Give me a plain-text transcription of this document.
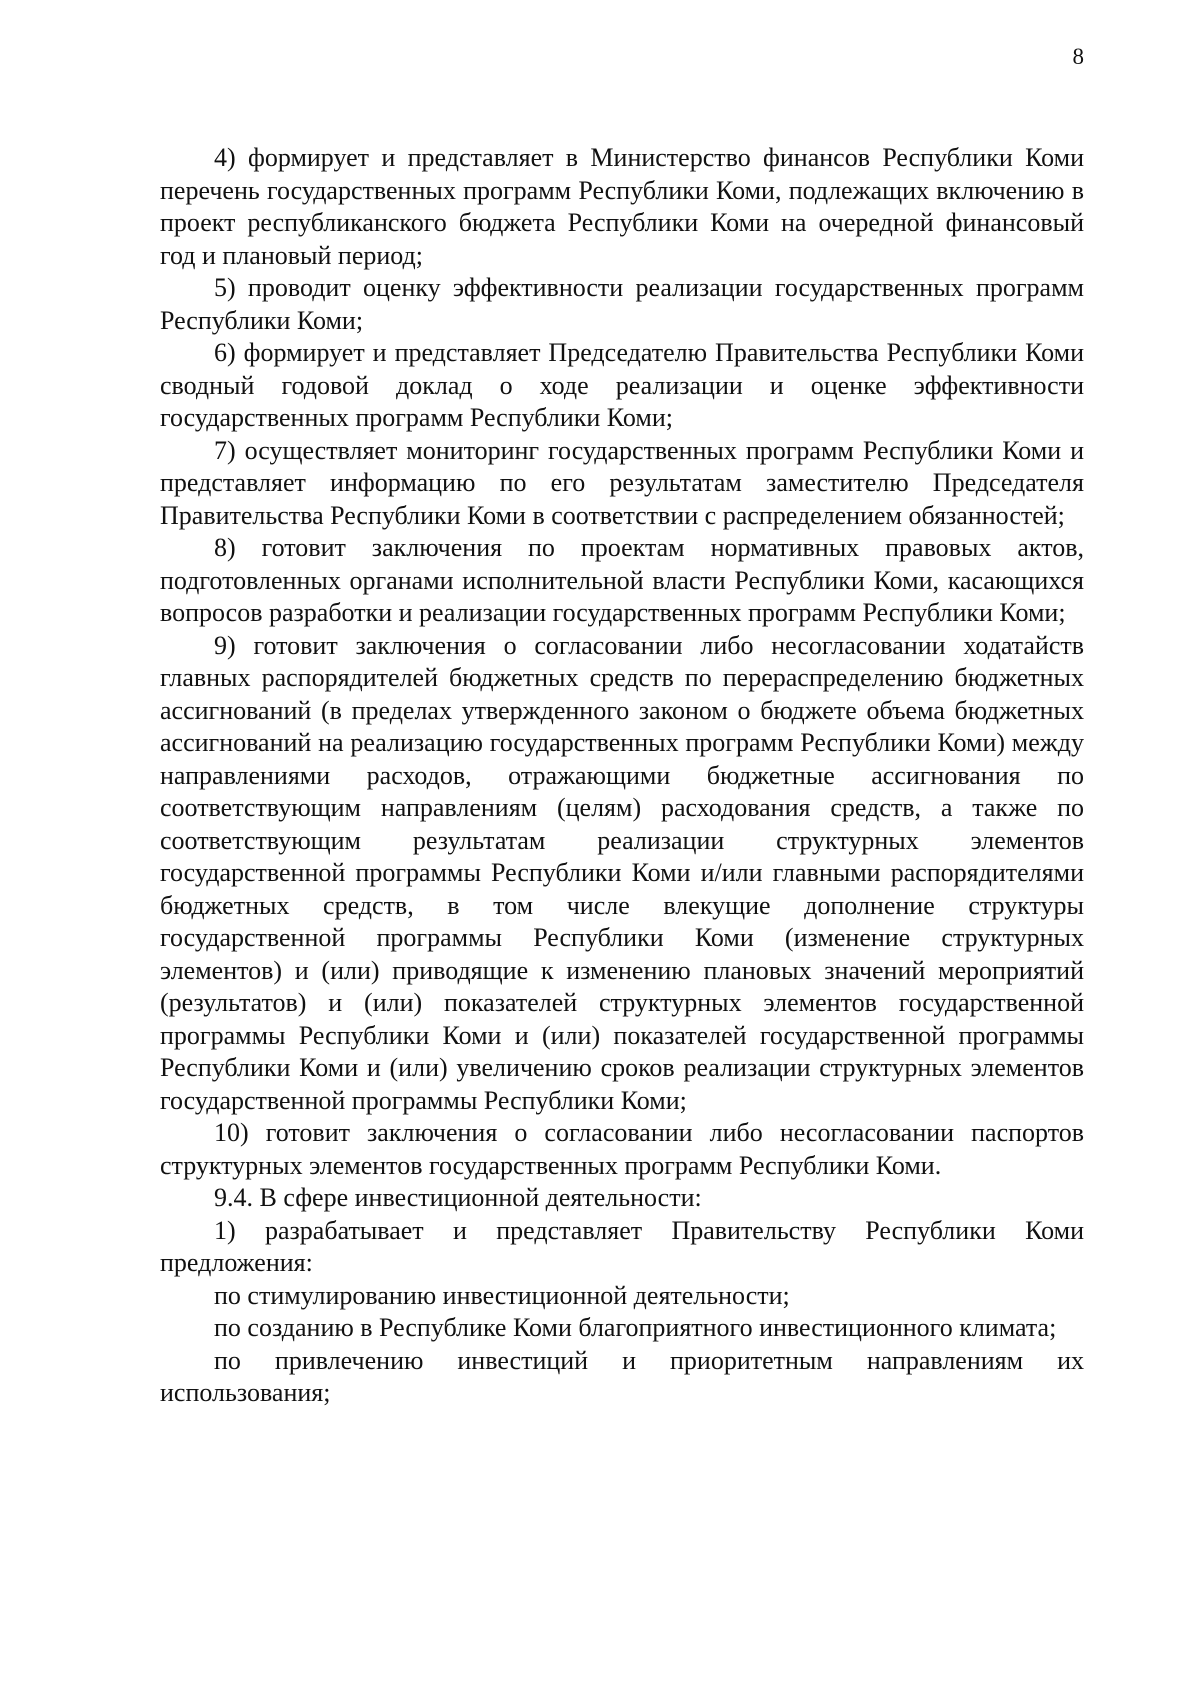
8

4) формирует и представляет в Министерство финансов Республики Коми перечень государственных программ Республики Коми, подлежащих включению в проект республиканского бюджета Республики Коми на очередной финансовый год и плановый период;

5) проводит оценку эффективности реализации государственных программ Республики Коми;

6) формирует и представляет Председателю Правительства Республики Коми сводный годовой доклад о ходе реализации и оценке эффективности государственных программ Республики Коми;

7) осуществляет мониторинг государственных программ Республики Коми и представляет информацию по его результатам заместителю Председателя Правительства Республики Коми в соответствии с распределением обязанностей;

8) готовит заключения по проектам нормативных правовых актов, подготовленных органами исполнительной власти Республики Коми, касающихся вопросов разработки и реализации государственных программ Республики Коми;

9) готовит заключения о согласовании либо несогласовании ходатайств главных распорядителей бюджетных средств по перераспределению бюджетных ассигнований (в пределах утвержденного законом о бюджете объема бюджетных ассигнований на реализацию государственных программ Республики Коми) между направлениями расходов, отражающими бюджетные ассигнования по соответствующим направлениям (целям) расходования средств, а также по соответствующим результатам реализации структурных элементов государственной программы Республики Коми и/или главными распорядителями бюджетных средств, в том числе влекущие дополнение структуры государственной программы Республики Коми (изменение структурных элементов) и (или) приводящие к изменению плановых значений мероприятий (результатов) и (или) показателей структурных элементов государственной программы Республики Коми и (или) показателей государственной программы Республики Коми и (или) увеличению сроков реализации структурных элементов государственной программы Республики Коми;

10) готовит заключения о согласовании либо несогласовании паспортов структурных элементов государственных программ Республики Коми.

9.4. В сфере инвестиционной деятельности:

1) разрабатывает и представляет Правительству Республики Коми предложения:

по стимулированию инвестиционной деятельности;

по созданию в Республике Коми благоприятного инвестиционного климата;

по привлечению инвестиций и приоритетным направлениям их использования;
